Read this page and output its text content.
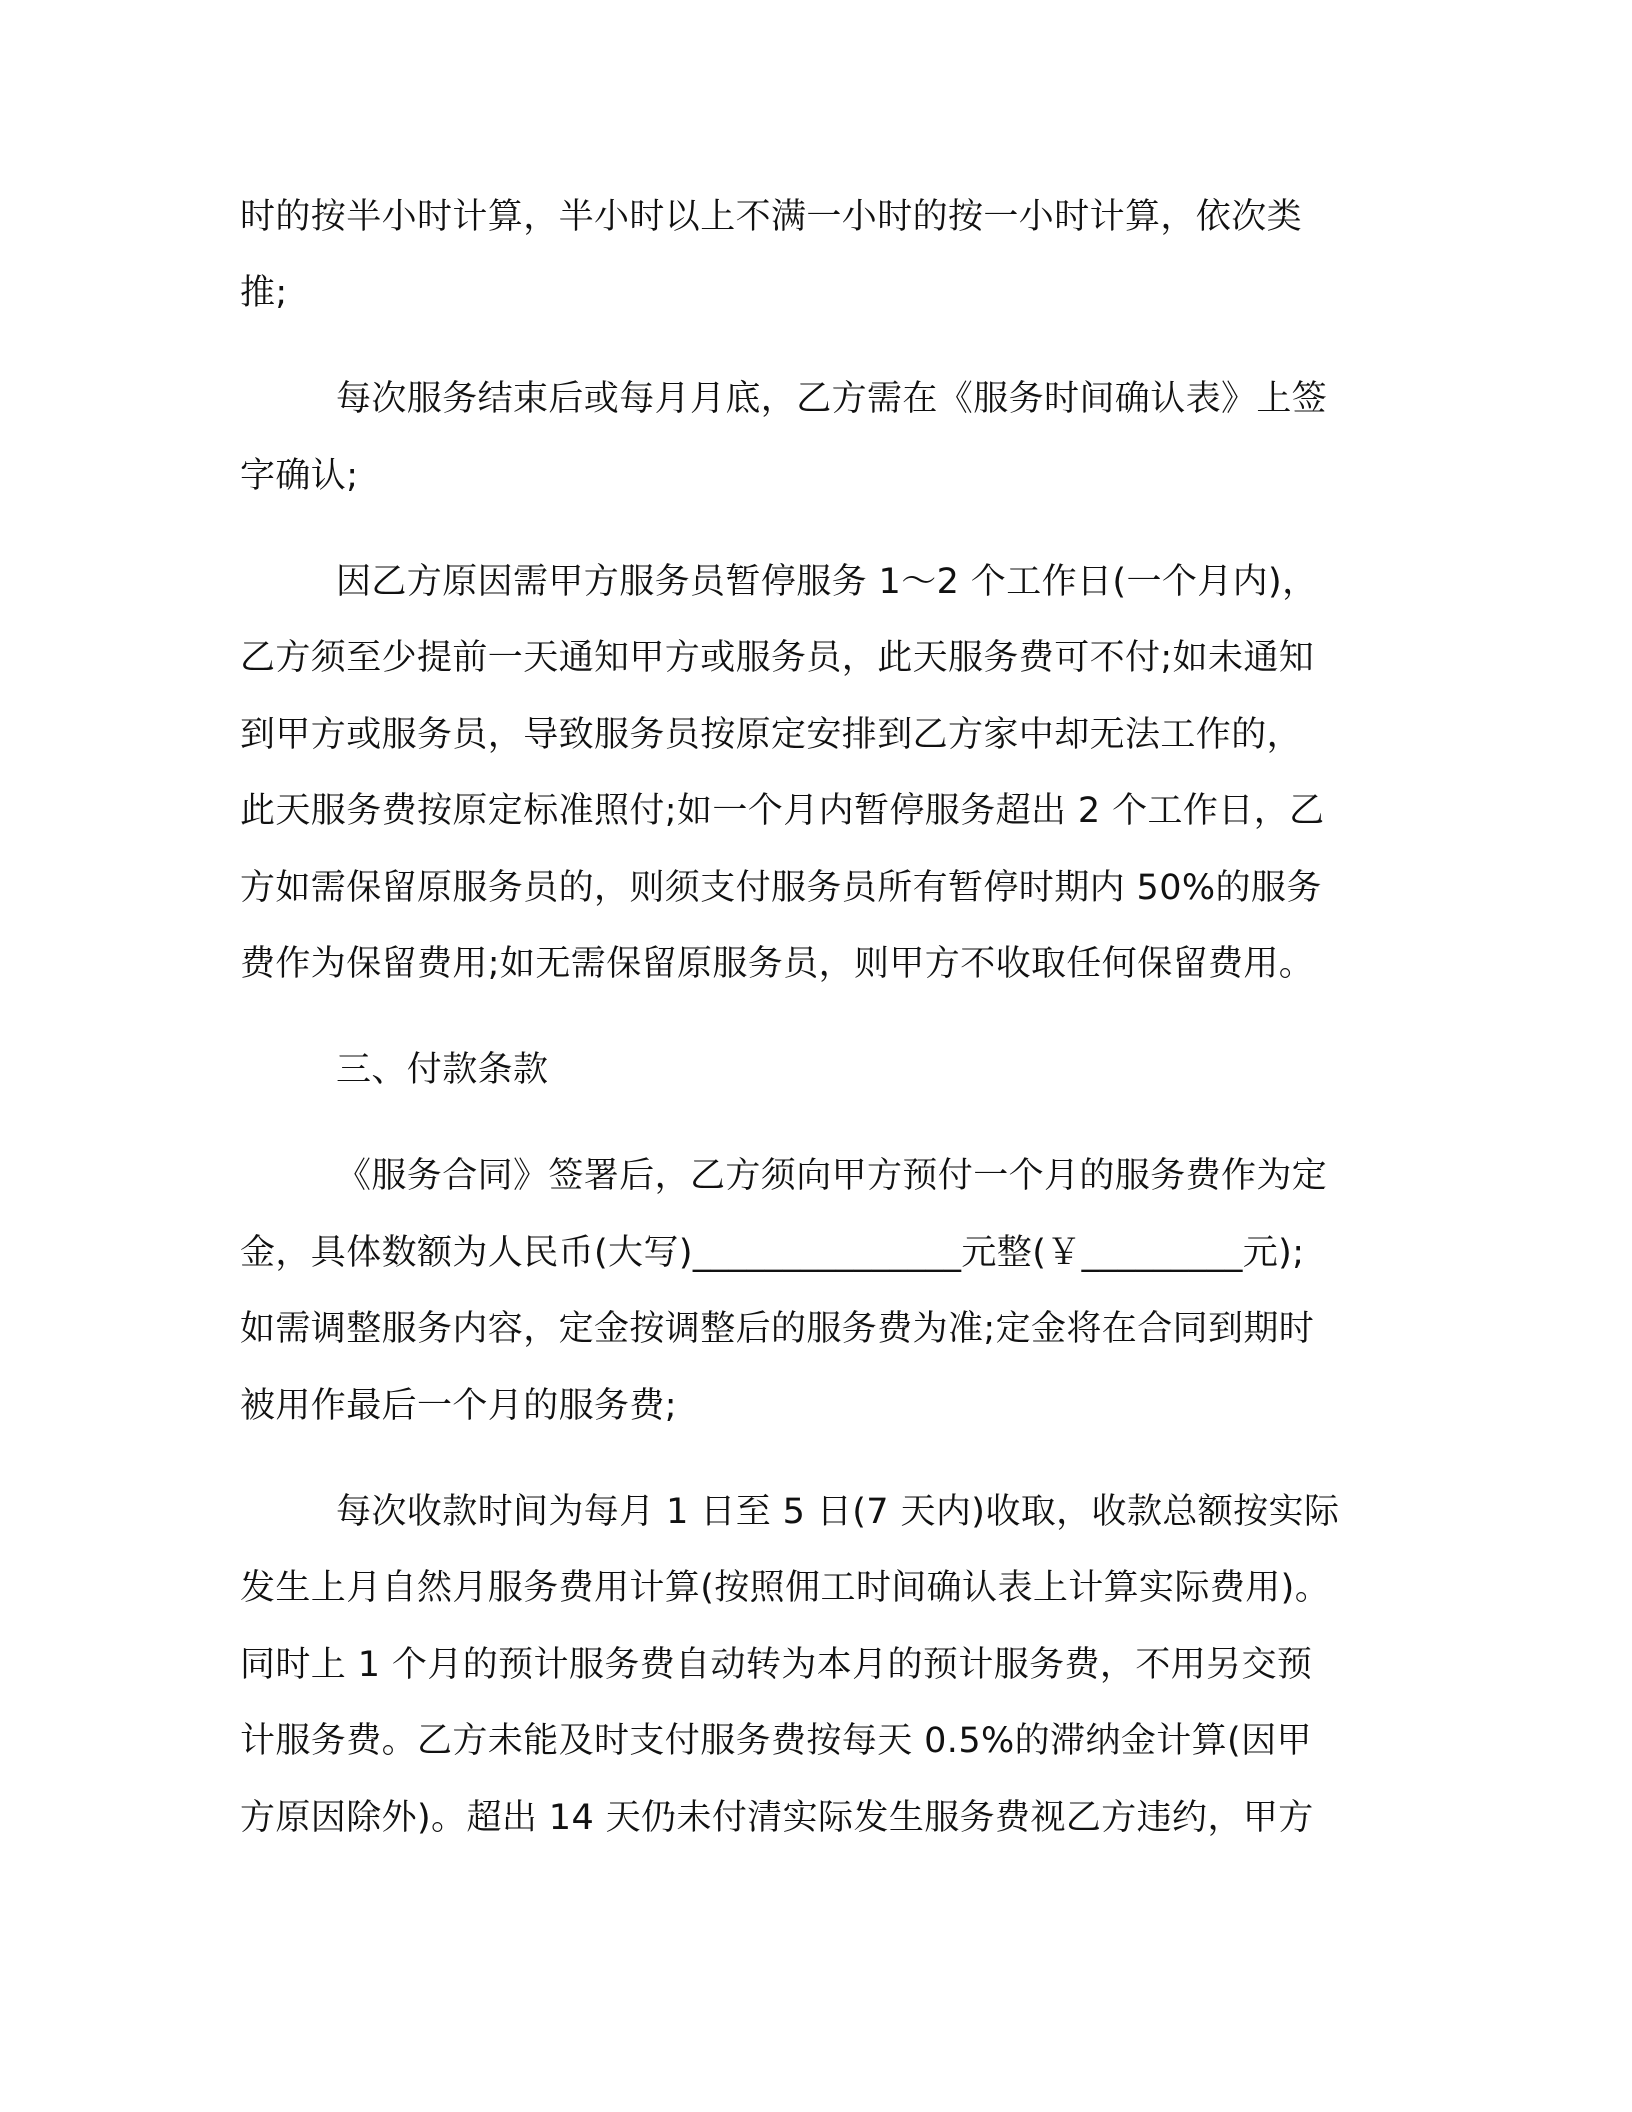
时的按半小时计算，半小时以上不满一小时的按一小时计算，依次类
推;
每次服务结束后或每月月底，乙方需在《服务时间确认表》上签
字确认;
因乙方原因需甲方服务员暂停服务 1～2 个工作日(一个月内)，
乙方须至少提前一天通知甲方或服务员，此天服务费可不付;如未通知
到甲方或服务员，导致服务员按原定安排到乙方家中却无法工作的，
此天服务费按原定标准照付;如一个月内暂停服务超出 2 个工作日，乙
方如需保留原服务员的，则须支付服务员所有暂停时期内 50%的服务
费作为保留费用;如无需保留原服务员，则甲方不收取任何保留费用。
三、付款条款
《服务合同》签署后，乙方须向甲方预付一个月的服务费作为定
金，具体数额为人民币(大写)_______________元整(￥_________元);
如需调整服务内容，定金按调整后的服务费为准;定金将在合同到期时
被用作最后一个月的服务费;
每次收款时间为每月 1 日至 5 日(7 天内)收取，收款总额按实际
发生上月自然月服务费用计算(按照佣工时间确认表上计算实际费用)。
同时上 1 个月的预计服务费自动转为本月的预计服务费，不用另交预
计服务费。乙方未能及时支付服务费按每天 0.5%的滞纳金计算(因甲
方原因除外)。超出 14 天仍未付清实际发生服务费视乙方违约，甲方
